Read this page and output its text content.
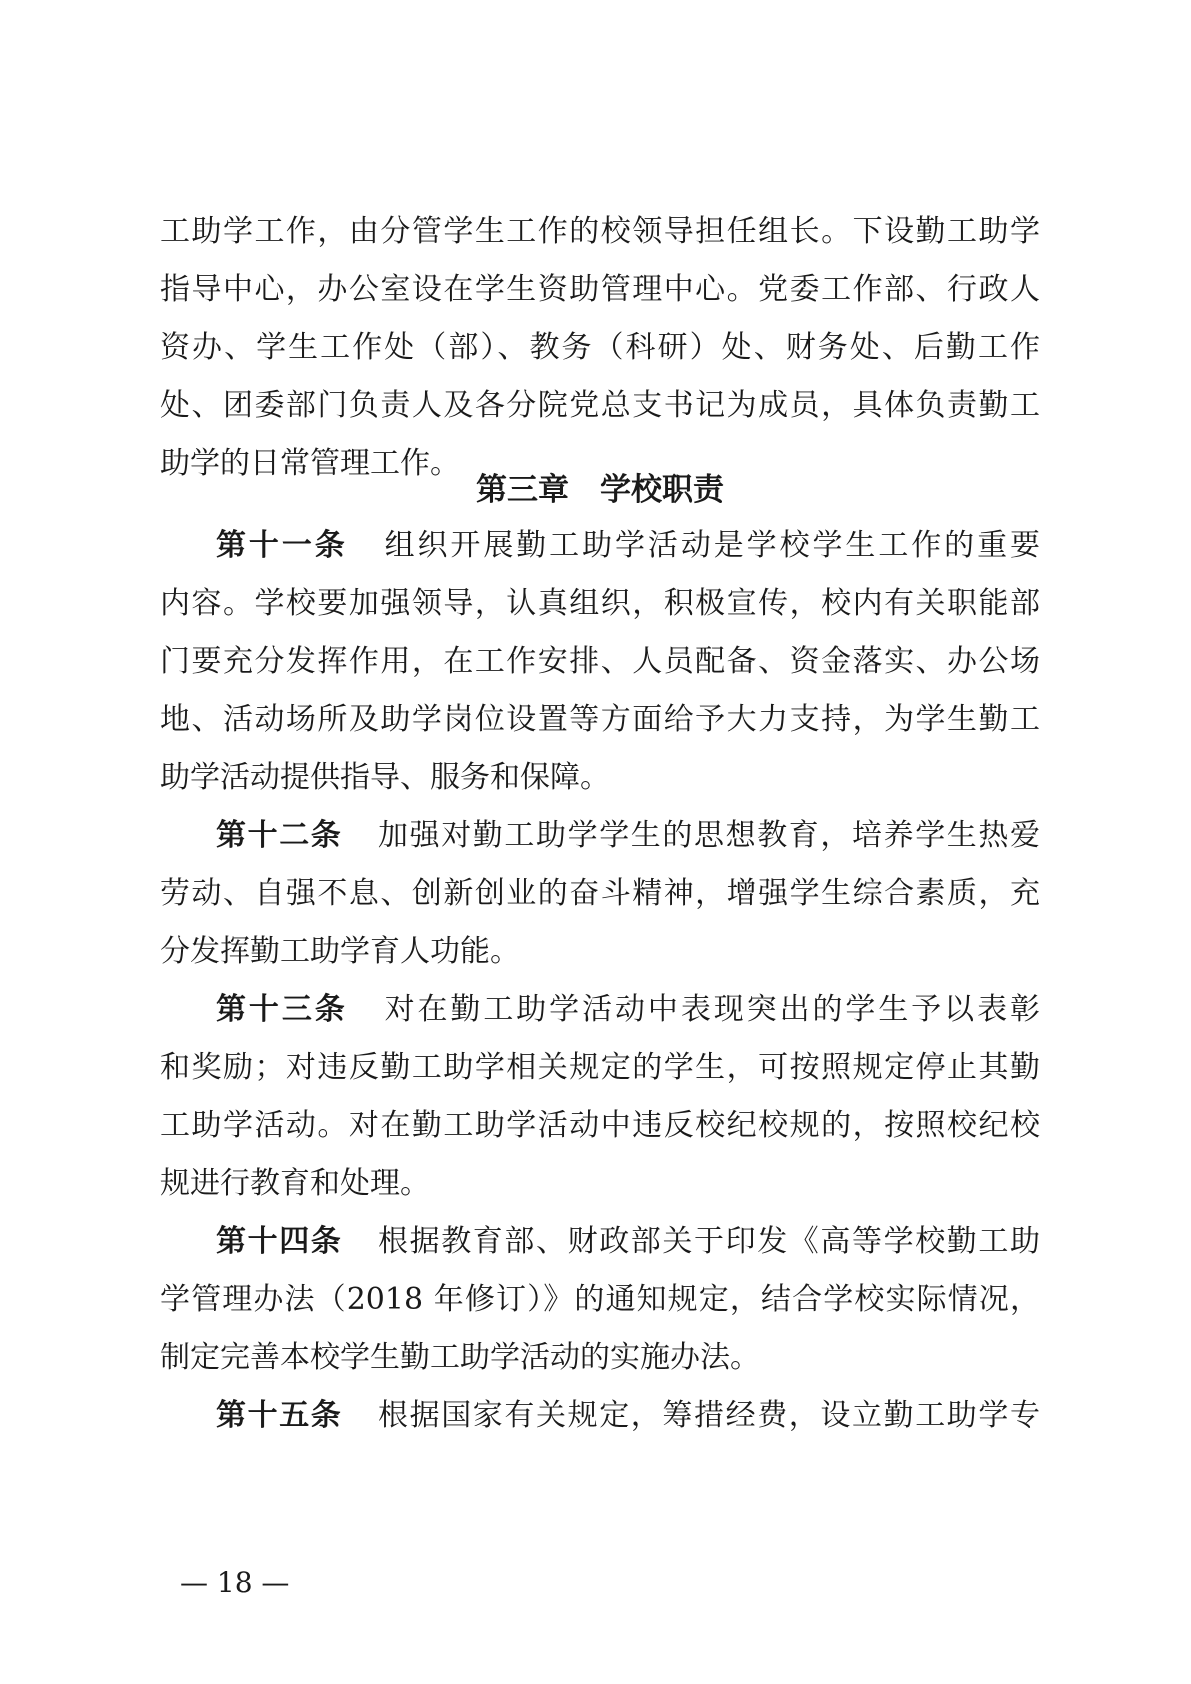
工助学工作，由分管学生工作的校领导担任组长。下设勤工助学
指导中心，办公室设在学生资助管理中心。党委工作部、行政人
资办、学生工作处（部）、教务（科研）处、财务处、后勤工作
处、团委部门负责人及各分院党总支书记为成员，具体负责勤工
助学的日常管理工作。
第三章　学校职责
第十一条 组织开展勤工助学活动是学校学生工作的重要
内容。学校要加强领导，认真组织，积极宣传，校内有关职能部
门要充分发挥作用，在工作安排、人员配备、资金落实、办公场
地、活动场所及助学岗位设置等方面给予大力支持，为学生勤工
助学活动提供指导、服务和保障。
第十二条 加强对勤工助学学生的思想教育，培养学生热爱
劳动、自强不息、创新创业的奋斗精神，增强学生综合素质，充
分发挥勤工助学育人功能。
第十三条 对在勤工助学活动中表现突出的学生予以表彰
和奖励；对违反勤工助学相关规定的学生，可按照规定停止其勤
工助学活动。对在勤工助学活动中违反校纪校规的，按照校纪校
规进行教育和处理。
第十四条 根据教育部、财政部关于印发《高等学校勤工助
学管理办法（2018 年修订）》的通知规定，结合学校实际情况，
制定完善本校学生勤工助学活动的实施办法。
第十五条 根据国家有关规定，筹措经费，设立勤工助学专
— 18 —
